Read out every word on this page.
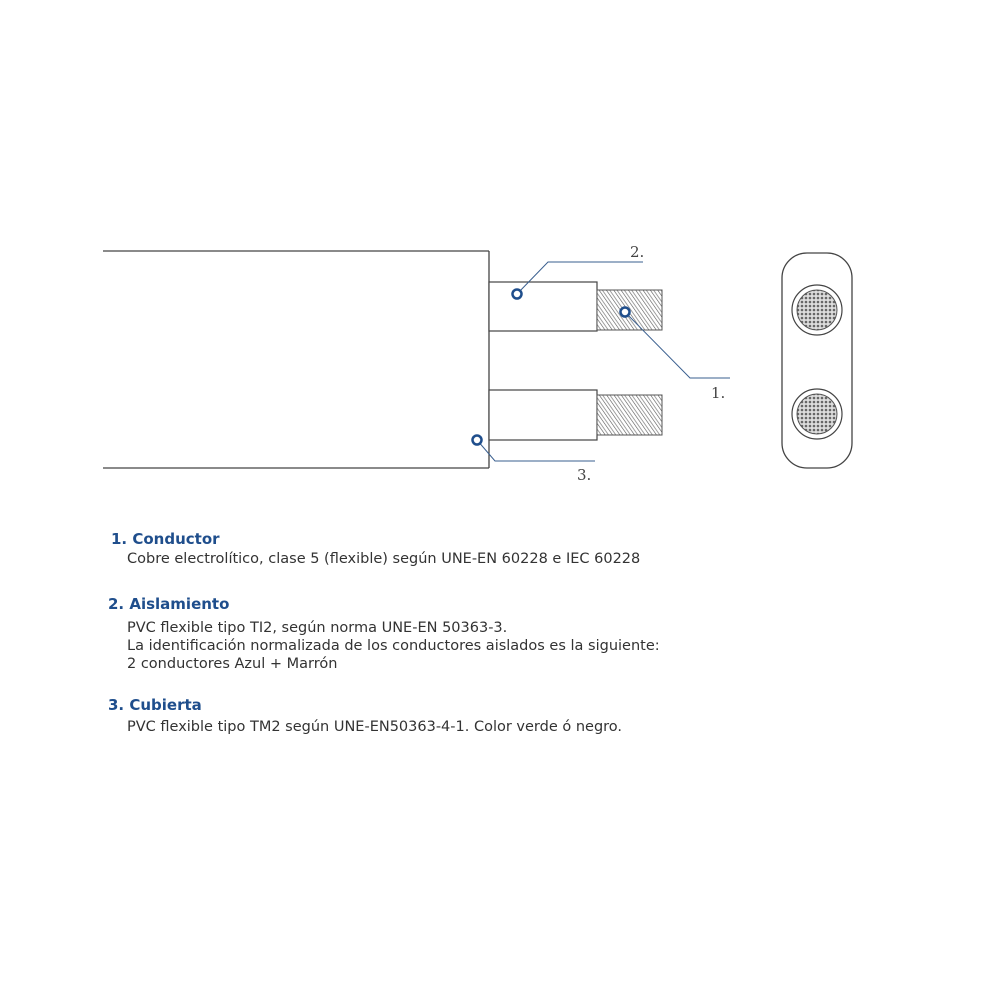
2.
1.
3.
1. Conductor
Cobre electrolítico, clase 5 (flexible) según UNE-EN 60228 e IEC 60228
2. Aislamiento
PVC flexible tipo TI2, según norma UNE-EN 50363-3.
La identificación normalizada de los conductores aislados es la siguiente:
2 conductores Azul + Marrón
3. Cubierta
PVC flexible tipo TM2 según UNE-EN50363-4-1. Color verde ó negro.
